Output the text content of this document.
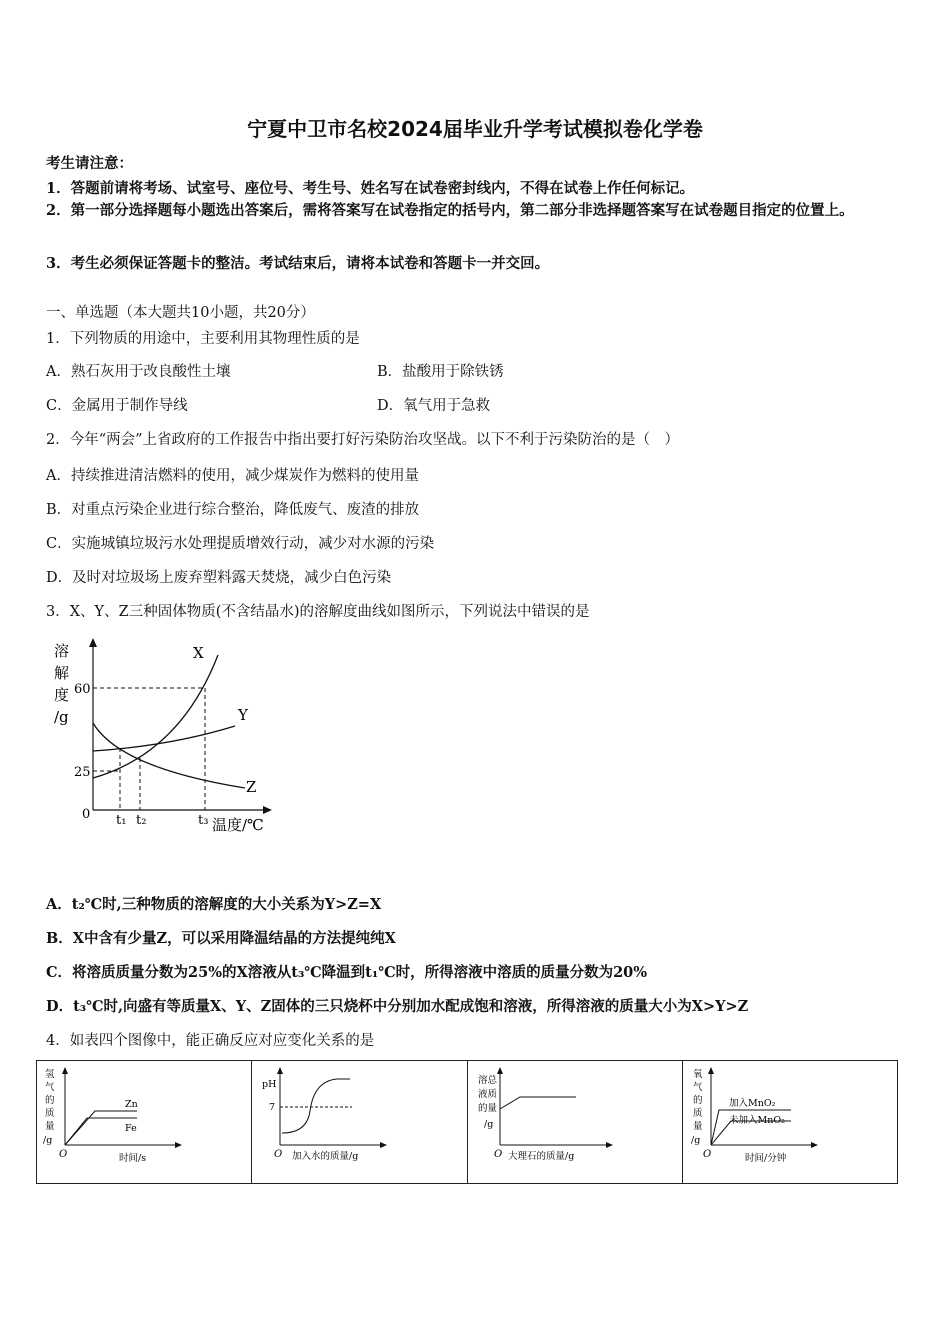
宁夏中卫市名校2024届毕业升学考试模拟卷化学卷
考生请注意：
1．答题前请将考场、试室号、座位号、考生号、姓名写在试卷密封线内，不得在试卷上作任何标记。
2．第一部分选择题每小题选出答案后，需将答案写在试卷指定的括号内，第二部分非选择题答案写在试卷题目指定的位置上。
3．考生必须保证答题卡的整洁。考试结束后，请将本试卷和答题卡一并交回。
一、单选题（本大题共10小题，共20分）
1．下列物质的用途中，主要利用其物理性质的是
A．熟石灰用于改良酸性土壤	B．盐酸用于除铁锈
C．金属用于制作导线	D．氧气用于急救
2．今年“两会”上省政府的工作报告中指出要打好污染防治攻坚战。以下不利于污染防治的是（　）
A．持续推进清洁燃料的使用，减少煤炭作为燃料的使用量
B．对重点污染企业进行综合整治，降低废气、废渣的排放
C．实施城镇垃圾污水处理提质增效行动，减少对水源的污染
D．及时对垃圾场上废弃塑料露天焚烧，减少白色污染
3．X、Y、Z三种固体物质(不含结晶水)的溶解度曲线如图所示，下列说法中错误的是
溶
解
度
/g
0
60
25
X
Y
Z
t₁ t₂	t₃ 温度/℃
A．t₂℃时,三种物质的溶解度的大小关系为Y>Z=X
B．X中含有少量Z，可以采用降温结晶的方法提纯纯X
C．将溶质质量分数为25%的X溶液从t₃℃降温到t₁℃时，所得溶液中溶质的质量分数为20%
D．t₃℃时,向盛有等质量X、Y、Z固体的三只烧杯中分别加水配成饱和溶液，所得溶液的质量大小为X>Y>Z
4．如表四个图像中，能正确反应对应变化关系的是
氢
气
的
质
量
/g
O
Zn
Fe
时间/s
pH
7
O 加入水的质量/g
溶总
液质
的量
/g
O 大理石的质量/g
氧
气
的
质
量
/g
加入MnO₂
未加入MnO₂
O	时间/分钟
